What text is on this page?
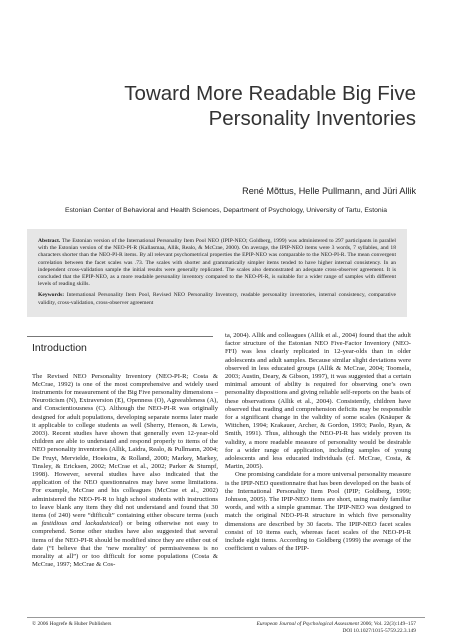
Toward More Readable Big Five Personality Inventories
René Mõttus, Helle Pullmann, and Jüri Allik
Estonian Center of Behavioral and Health Sciences, Department of Psychology, University of Tartu, Estonia

Abstract. The Estonian version of the International Personality Item Pool NEO (IPIP-NEO; Goldberg, 1999) was administered to 297 participants in parallel with the Estonian version of the NEO-PI-R (Kallasmaa, Allik, Realo, & McCrae, 2000). On average, the IPIP-NEO items were 3 words, 7 syllables, and 18 characters shorter than the NEO-PI-R items. By all relevant psychometrical properties the EPIP-NEO was comparable to the NEO-PI-R. The mean convergent correlation between the facet scales was .73. The scales with shorter and grammatically simpler items tended to have higher internal consistency. In an independent cross-validation sample the initial results were generally replicated. The scales also demonstrated an adequate cross-observer agreement. It is concluded that the EPIP-NEO, as a more readable personality inventory compared to the NEO-PI-R, is suitable for a wider range of samples with different levels of reading skills.

Keywords: International Personality Item Pool, Revised NEO Personality Inventory, readable personality inventories, internal consistency, comparative validity, cross-validation, cross-observer agreement

Introduction

The Revised NEO Personality Inventory (NEO-PI-R; Costa & McCrae, 1992) is one of the most comprehensive and widely used instruments for measurement of the Big Five personality dimensions – Neuroticism (N), Extraversion (E), Openness (O), Agreeableness (A), and Conscientiousness (C). Although the NEO-PI-R was originally designed for adult populations, developing separate norms later made it applicable to college students as well (Sherry, Henson, & Lewis, 2003). Recent studies have shown that generally even 12-year-old children are able to understand and respond properly to items of the NEO personality inventories (Allik, Laidra, Realo, & Pullmann, 2004; De Fruyt, Mervielde, Hoekstra, & Rolland, 2000; Markey, Markey, Tinsley, & Ericksen, 2002; McCrae et al., 2002; Parker & Stumpf, 1998). However, several studies have also indicated that the application of the NEO questionnaires may have some limitations. For example, McCrae and his colleagues (McCrae et al., 2002) administered the NEO-PI-R to high school students with instructions to leave blank any item they did not understand and found that 30 items (of 240) were “difficult” containing either obscure terms (such as fastidious and lackadaisical) or being otherwise not easy to comprehend. Some other studies have also suggested that several items of the NEO-PI-R should be modified since they are either out of date (“I believe that the ‘new morality’ of permissiveness is no morality at all”) or too difficult for some populations (Costa & McCrae, 1997; McCrae & Cos-

ta, 2004). Allik and colleagues (Allik et al., 2004) found that the adult factor structure of the Estonian NEO Five-Factor Inventory (NEO-FFI) was less clearly replicated in 12-year-olds than in older adolescents and adult samples. Because similar slight deviations were observed in less educated groups (Allik & McCrae, 2004; Toomela, 2003; Austin, Deary, & Gibson, 1997), it was suggested that a certain minimal amount of ability is required for observing one’s own personality dispositions and giving reliable self-reports on the basis of these observations (Allik et al., 2004). Consistently, children have observed that reading and comprehension deficits may be responsible for a significant change in the validity of some scales (Knäuper & Wittchen, 1994; Krakauer, Archer, & Gordon, 1993; Paolo, Ryan, & Smith, 1991). Thus, although the NEO-PI-R has widely proven its validity, a more readable measure of personality would be desirable for a wider range of application, including samples of young adolescents and less educated individuals (cf. McCrae, Costa, & Martin, 2005).

One promising candidate for a more universal personality measure is the IPIP-NEO questionnaire that has been developed on the basis of the International Personality Item Pool (IPIP; Goldberg, 1999; Johnson, 2005). The IPIP-NEO items are short, using mainly familiar words, and with a simple grammar. The IPIP-NEO was designed to match the original NEO-PI-R structure in which five personality dimensions are described by 30 facets. The IPIP-NEO facet scales consist of 10 items each, whereas facet scales of the NEO-PI-R include eight items. According to Goldberg (1999) the average of the coefficient α values of the IPIP-

© 2006 Hogrefe & Huber Publishers	European Journal of Psychological Assessment 2006; Vol. 22(3):149–157
DOI 10.1027/1015-5759.22.3.149
